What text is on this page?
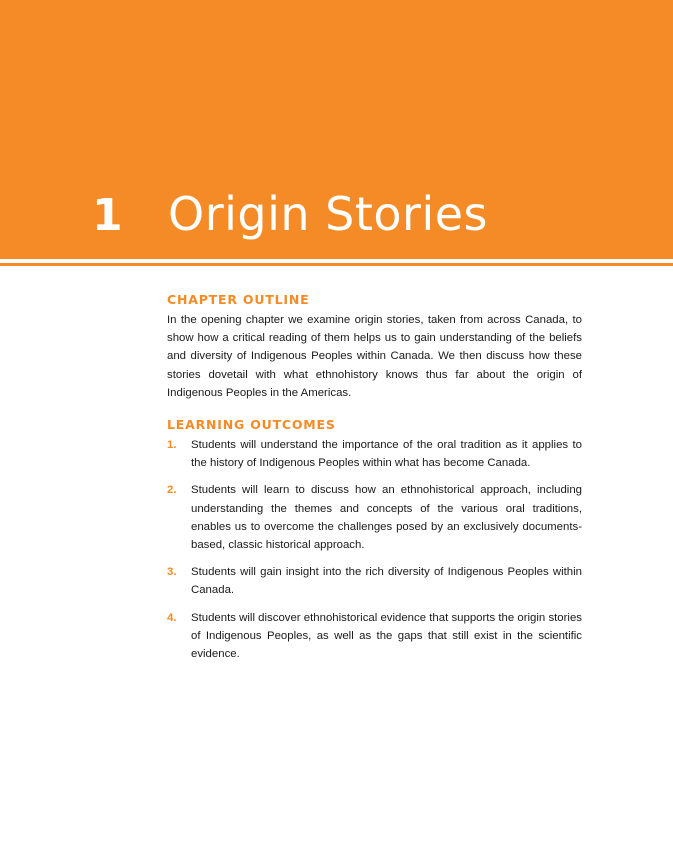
1 Origin Stories
CHAPTER OUTLINE

In the opening chapter we examine origin stories, taken from across Canada, to show how a critical reading of them helps us to gain understanding of the beliefs and diversity of Indigenous Peoples within Canada. We then discuss how these stories dovetail with what ethnohistory knows thus far about the origin of Indigenous Peoples in the Americas.

LEARNING OUTCOMES
1.	Students will understand the importance of the oral tradition as it applies to the history of Indigenous Peoples within what has become Canada.
2.	Students will learn to discuss how an ethnohistorical approach, including understanding the themes and concepts of the various oral traditions, enables us to overcome the challenges posed by an exclusively documents-based, classic historical approach.
3.	Students will gain insight into the rich diversity of Indigenous Peoples within Canada.
4.	Students will discover ethnohistorical evidence that supports the origin stories of Indigenous Peoples, as well as the gaps that still exist in the scientific evidence.
